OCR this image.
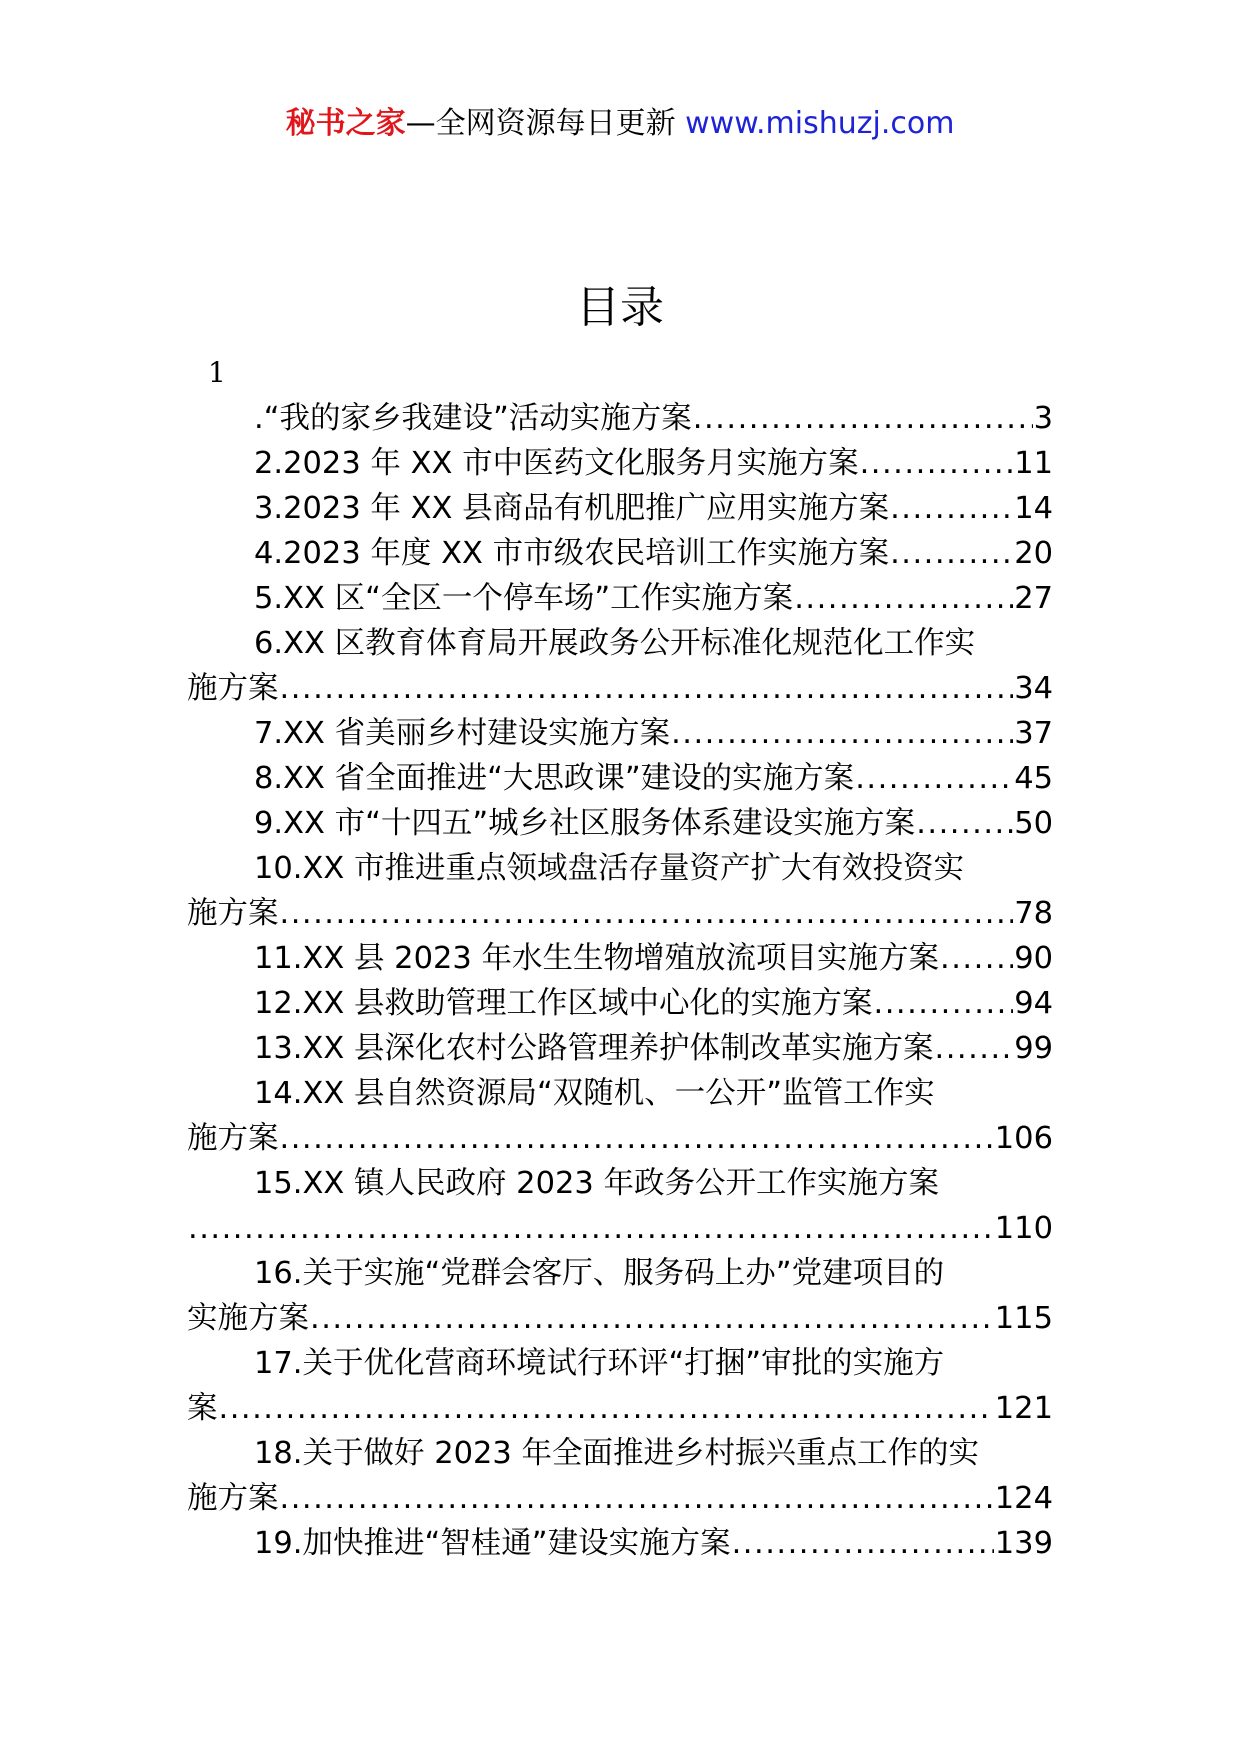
秘书之家—全网资源每日更新 www.mishuzj.com
目录
1
.“我的家乡我建设”活动实施方案 .....	3
2.2023 年 XX 市中医药文化服务月实施方案 .....	11
3.2023 年 XX 县商品有机肥推广应用实施方案 .....	14
4.2023 年度 XX 市市级农民培训工作实施方案 .....	20
5.XX 区“全区一个停车场”工作实施方案 .....	27
6.XX 区教育体育局开展政务公开标准化规范化工作实
施方案 .....	34
7.XX 省美丽乡村建设实施方案 .....	37
8.XX 省全面推进“大思政课”建设的实施方案 .....	45
9.XX 市“十四五”城乡社区服务体系建设实施方案 .....	50
10.XX 市推进重点领域盘活存量资产扩大有效投资实
施方案 .....	78
11.XX 县 2023 年水生生物增殖放流项目实施方案 ..... 90
12.XX 县救助管理工作区域中心化的实施方案 .....	94
13.XX 县深化农村公路管理养护体制改革实施方案 .....	99
14.XX 县自然资源局“双随机、一公开”监管工作实
施方案 .....	106
15.XX 镇人民政府 2023 年政务公开工作实施方案
.....
110
16.关于实施“党群会客厅、服务码上办”党建项目的
实施方案 .....	115
17.关于优化营商环境试行环评“打捆”审批的实施方
案 .....	121
18.关于做好 2023 年全面推进乡村振兴重点工作的实
施方案 .....	124
19.加快推进“智桂通”建设实施方案 .....	139
